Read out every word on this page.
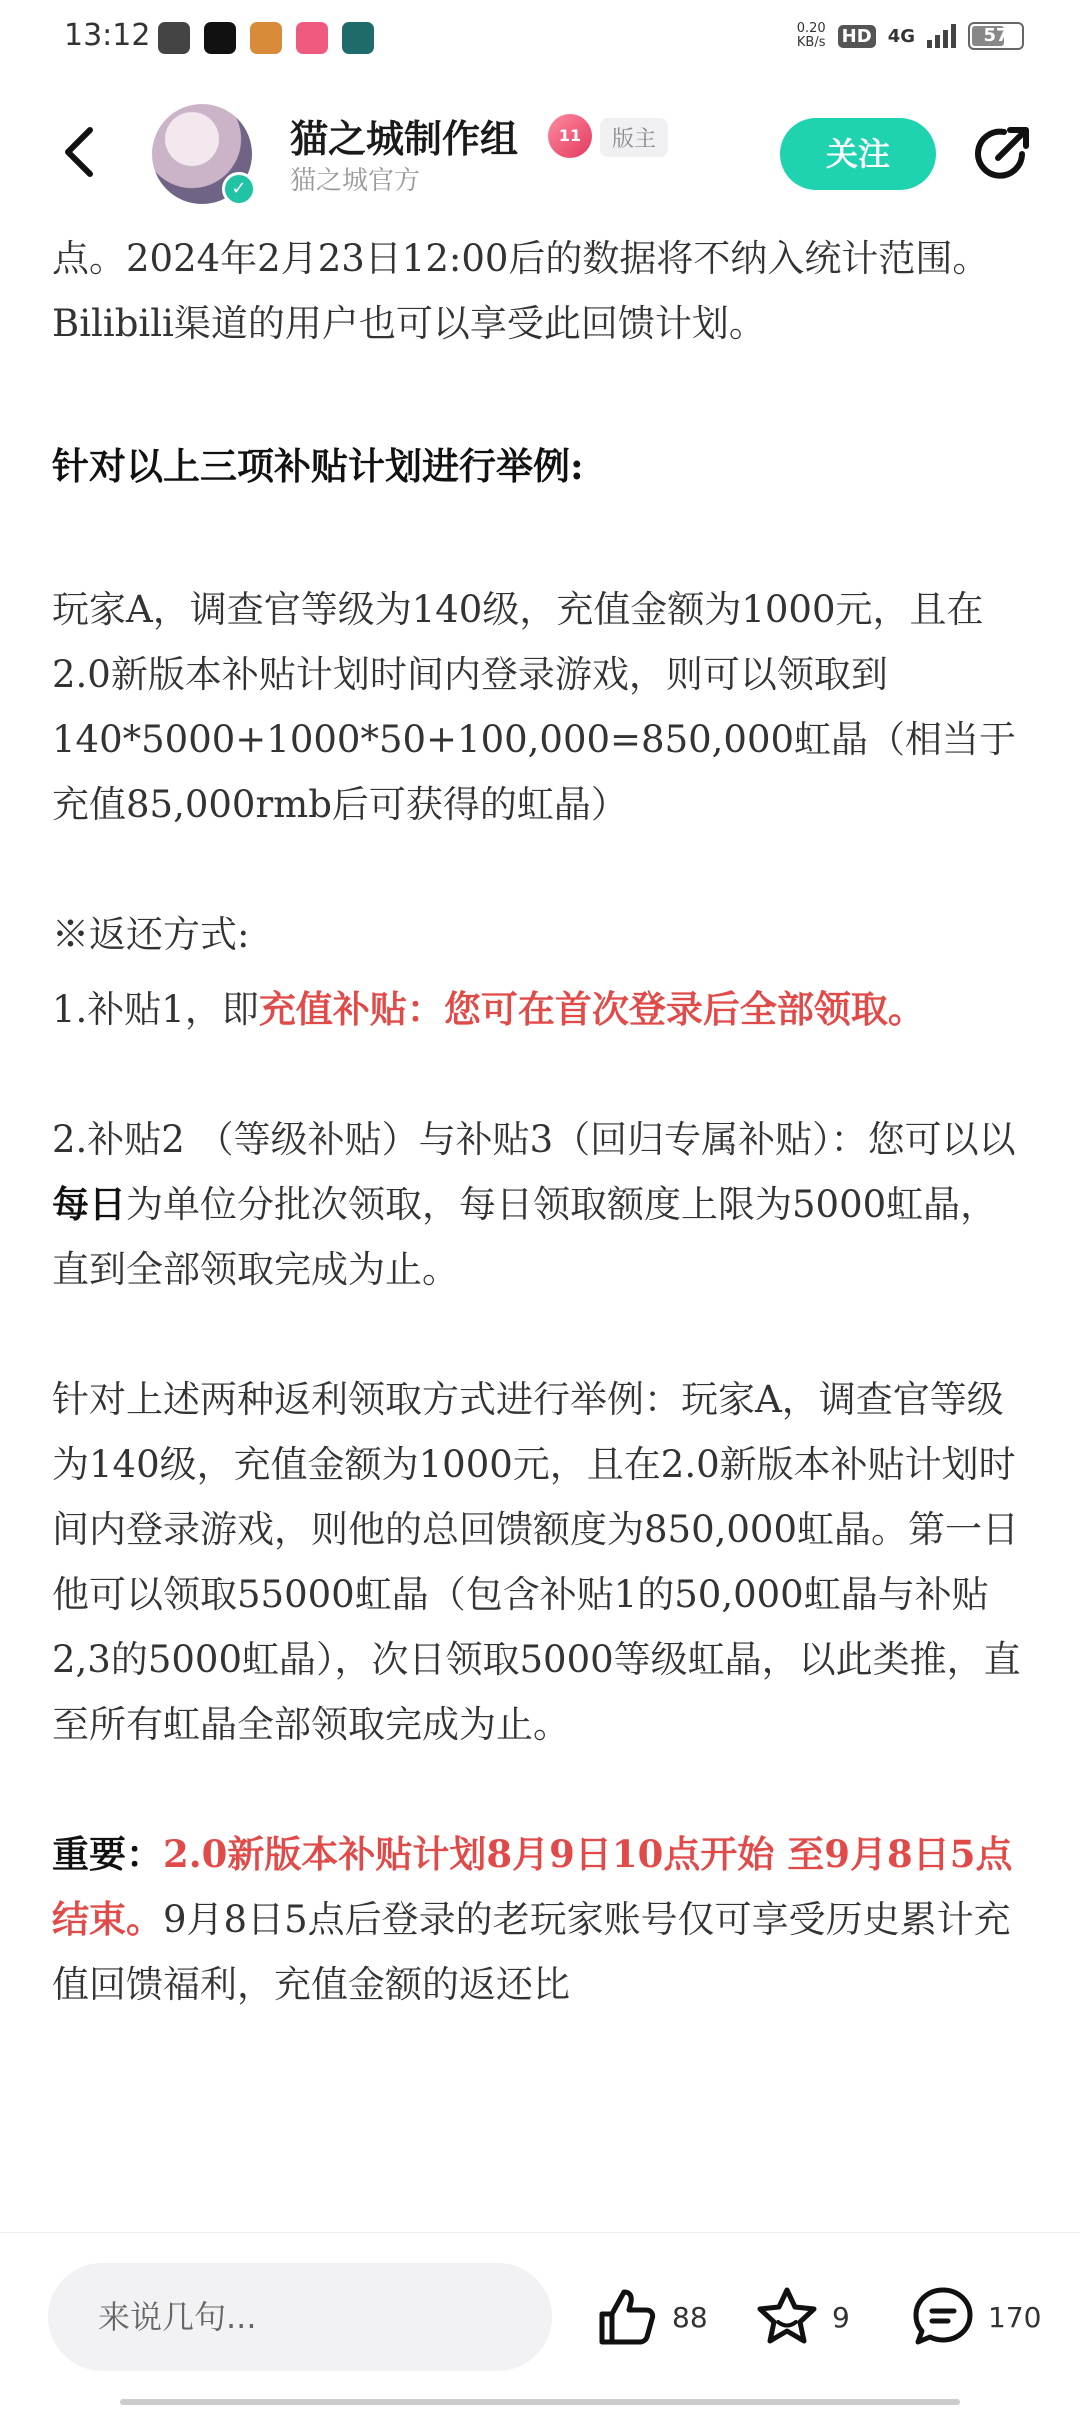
13:12	0.20
KB/s HD 4G	57
✓
猫之城制作组	11	版主
猫之城官方
关注

点。2024年2月23日12:00后的数据将不纳入统计范围。Bilibili渠道的用户也可以享受此回馈计划。

针对以上三项补贴计划进行举例:

玩家A，调查官等级为140级，充值金额为1000元，且在2.0新版本补贴计划时间内登录游戏，则可以领取到140*5000+1000*50+100,000=850,000虹晶（相当于充值85,000rmb后可获得的虹晶）

※返还方式:

1.补贴1，即充值补贴：您可在首次登录后全部领取。

2.补贴2 （等级补贴）与补贴3（回归专属补贴）：您可以以每日为单位分批次领取，每日领取额度上限为5000虹晶，直到全部领取完成为止。

针对上述两种返利领取方式进行举例：玩家A，调查官等级为140级，充值金额为1000元，且在2.0新版本补贴计划时间内登录游戏，则他的总回馈额度为850,000虹晶。第一日他可以领取55000虹晶（包含补贴1的50,000虹晶与补贴2,3的5000虹晶），次日领取5000等级虹晶，以此类推，直至所有虹晶全部领取完成为止。

重要：2.0新版本补贴计划8月9日10点开始 至9月8日5点结束。9月8日5点后登录的老玩家账号仅可享受历史累计充值回馈福利，充值金额的返还比

来说几句...	88	9	170
